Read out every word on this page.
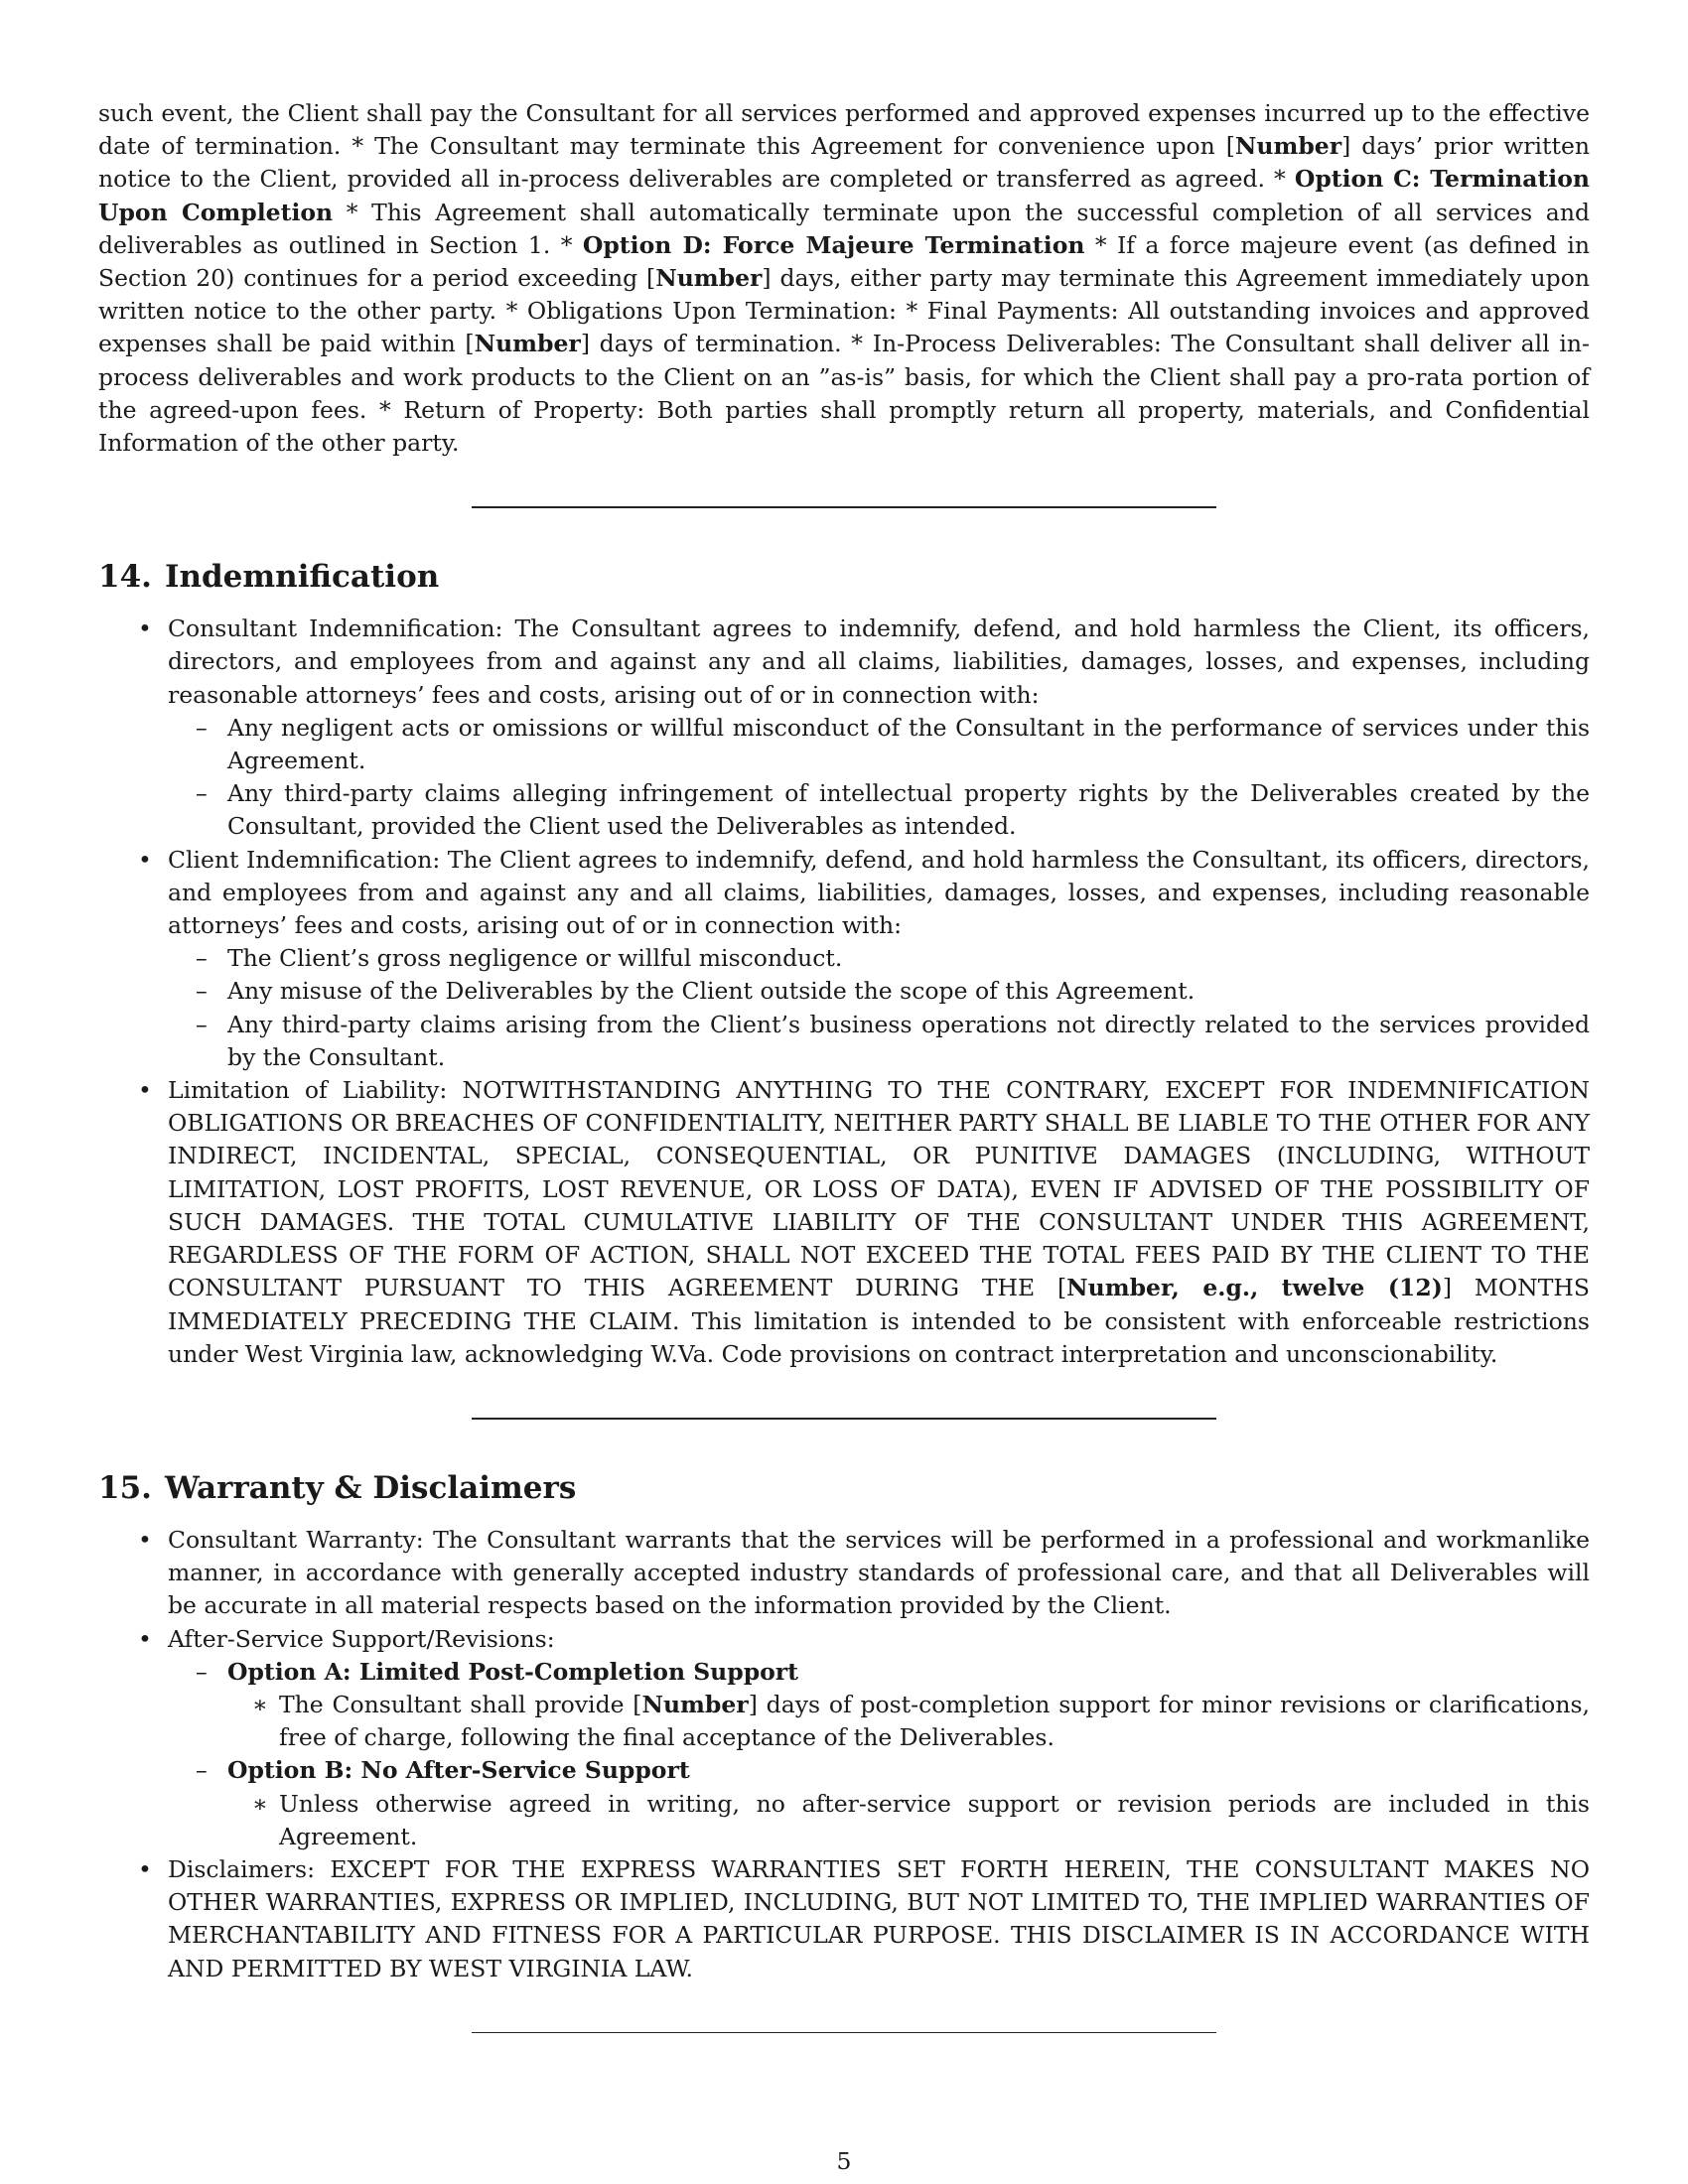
such event, the Client shall pay the Consultant for all services performed and approved expenses incurred up to the effective date of termination. * The Consultant may terminate this Agreement for convenience upon [Number] days’ prior written notice to the Client, provided all in-process deliverables are completed or transferred as agreed. * Option C: Termination Upon Completion * This Agreement shall automatically terminate upon the successful completion of all services and deliverables as outlined in Section 1. * Option D: Force Majeure Termination * If a force majeure event (as defined in Section 20) continues for a period exceeding [Number] days, either party may terminate this Agreement immediately upon written notice to the other party. * Obligations Upon Termination: * Final Payments: All outstanding invoices and approved expenses shall be paid within [Number] days of termination. * In-Process Deliverables: The Consultant shall deliver all in-process deliverables and work products to the Client on an ”as-is” basis, for which the Client shall pay a pro-rata portion of the agreed-upon fees. * Return of Property: Both parties shall promptly return all property, materials, and Confidential Information of the other party.

14. Indemnification
• Consultant Indemnification: The Consultant agrees to indemnify, defend, and hold harmless the Client, its officers, directors, and employees from and against any and all claims, liabilities, damages, losses, and expenses, including reasonable attorneys’ fees and costs, arising out of or in connection with:
– Any negligent acts or omissions or willful misconduct of the Consultant in the performance of services under this Agreement.
– Any third-party claims alleging infringement of intellectual property rights by the Deliverables created by the Consultant, provided the Client used the Deliverables as intended.
• Client Indemnification: The Client agrees to indemnify, defend, and hold harmless the Consultant, its officers, directors, and employees from and against any and all claims, liabilities, damages, losses, and expenses, including reasonable attorneys’ fees and costs, arising out of or in connection with:
– The Client’s gross negligence or willful misconduct.
– Any misuse of the Deliverables by the Client outside the scope of this Agreement.
– Any third-party claims arising from the Client’s business operations not directly related to the services provided by the Consultant.
• Limitation of Liability: NOTWITHSTANDING ANYTHING TO THE CONTRARY, EXCEPT FOR INDEMNIFICATION OBLIGATIONS OR BREACHES OF CONFIDENTIALITY, NEITHER PARTY SHALL BE LIABLE TO THE OTHER FOR ANY INDIRECT, INCIDENTAL, SPECIAL, CONSEQUENTIAL, OR PUNITIVE DAMAGES (INCLUDING, WITHOUT LIMITATION, LOST PROFITS, LOST REVENUE, OR LOSS OF DATA), EVEN IF ADVISED OF THE POSSIBILITY OF SUCH DAMAGES. THE TOTAL CUMULATIVE LIABILITY OF THE CONSULTANT UNDER THIS AGREEMENT, REGARDLESS OF THE FORM OF ACTION, SHALL NOT EXCEED THE TOTAL FEES PAID BY THE CLIENT TO THE CONSULTANT PURSUANT TO THIS AGREEMENT DURING THE [Number, e.g., twelve (12)] MONTHS IMMEDIATELY PRECEDING THE CLAIM. This limitation is intended to be consistent with enforceable restrictions under West Virginia law, acknowledging W.Va. Code provisions on contract interpretation and unconscionability.
15. Warranty & Disclaimers
• Consultant Warranty: The Consultant warrants that the services will be performed in a professional and workmanlike manner, in accordance with generally accepted industry standards of professional care, and that all Deliverables will be accurate in all material respects based on the information provided by the Client.
• After-Service Support/Revisions:
– Option A: Limited Post-Completion Support
∗ The Consultant shall provide [Number] days of post-completion support for minor revisions or clarifications, free of charge, following the final acceptance of the Deliverables.
– Option B: No After-Service Support
∗ Unless otherwise agreed in writing, no after-service support or revision periods are included in this Agreement.
• Disclaimers: EXCEPT FOR THE EXPRESS WARRANTIES SET FORTH HEREIN, THE CONSULTANT MAKES NO OTHER WARRANTIES, EXPRESS OR IMPLIED, INCLUDING, BUT NOT LIMITED TO, THE IMPLIED WARRANTIES OF MERCHANTABILITY AND FITNESS FOR A PARTICULAR PURPOSE. THIS DISCLAIMER IS IN ACCORDANCE WITH AND PERMITTED BY WEST VIRGINIA LAW.
5
